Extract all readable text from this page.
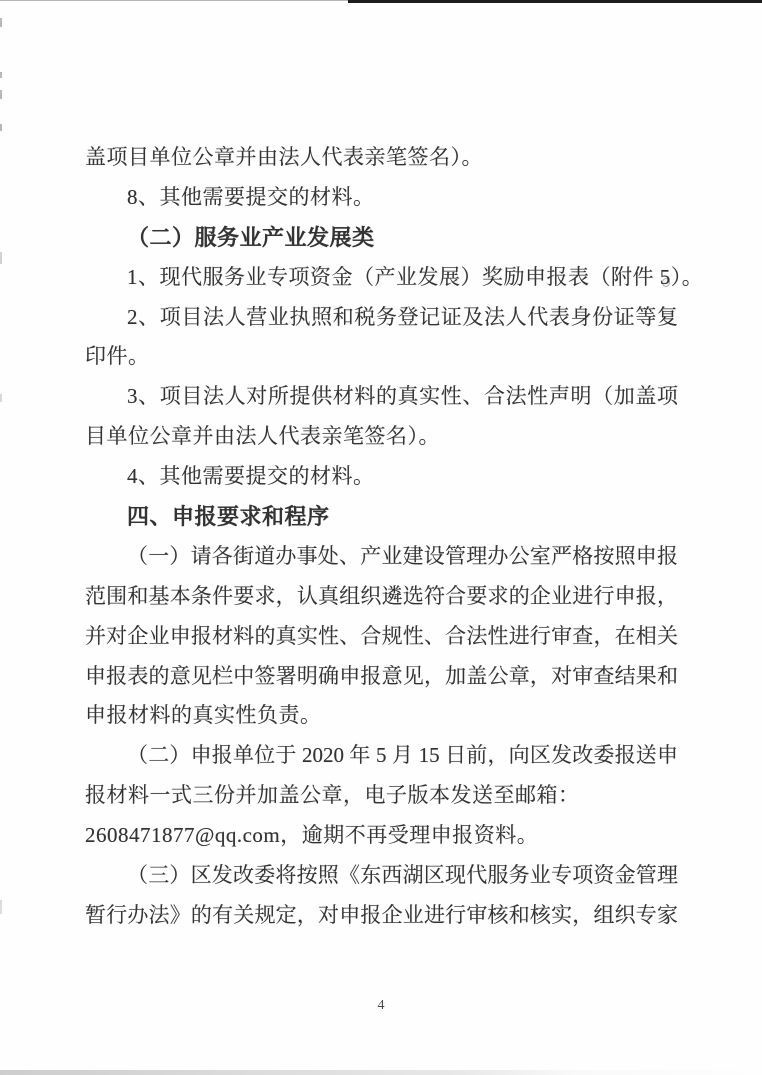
盖项目单位公章并由法人代表亲笔签名）。
8、其他需要提交的材料。
（二）服务业产业发展类
1、现代服务业专项资金（产业发展）奖励申报表（附件 5）。
2、项目法人营业执照和税务登记证及法人代表身份证等复
印件。
3、项目法人对所提供材料的真实性、合法性声明（加盖项
目单位公章并由法人代表亲笔签名）。
4、其他需要提交的材料。
四、申报要求和程序
（一）请各街道办事处、产业建设管理办公室严格按照申报
范围和基本条件要求，认真组织遴选符合要求的企业进行申报，
并对企业申报材料的真实性、合规性、合法性进行审查，在相关
申报表的意见栏中签署明确申报意见，加盖公章，对审查结果和
申报材料的真实性负责。
（二）申报单位于 2020 年 5 月 15 日前，向区发改委报送申
报材料一式三份并加盖公章，电子版本发送至邮箱：
2608471877@qq.com，逾期不再受理申报资料。
（三）区发改委将按照《东西湖区现代服务业专项资金管理
暂行办法》的有关规定，对申报企业进行审核和核实，组织专家
4
